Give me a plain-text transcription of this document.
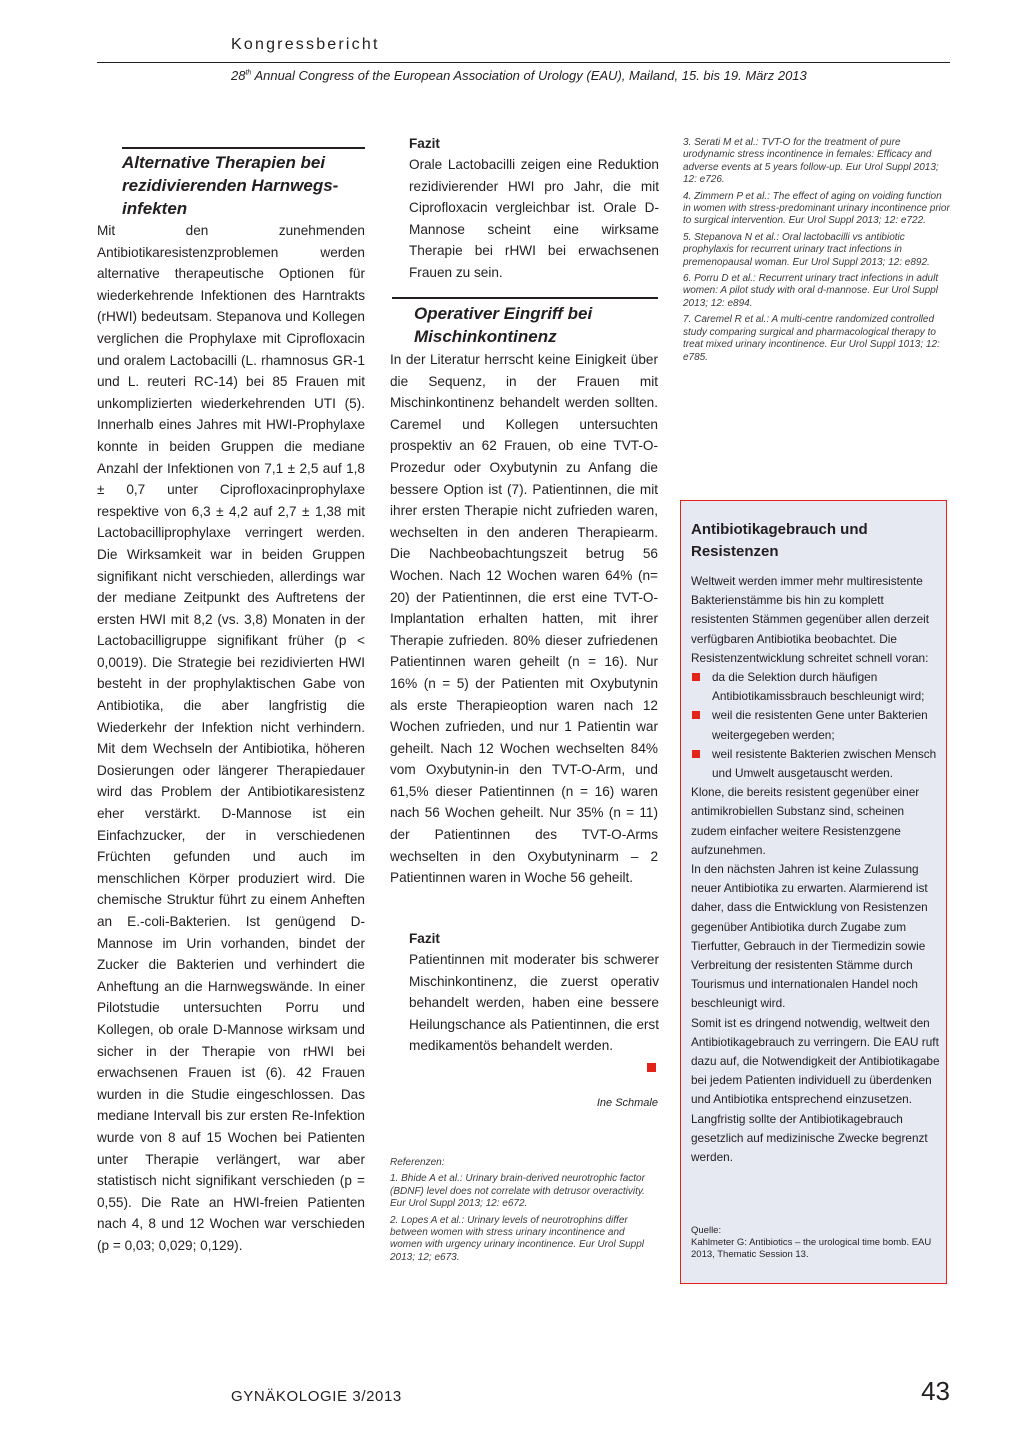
Kongressbericht
28th Annual Congress of the European Association of Urology (EAU), Mailand, 15. bis 19. März 2013
Alternative Therapien bei rezidivierenden Harnwegs- infekten

Mit den zunehmenden Antibiotikaresistenzproblemen werden alternative therapeutische Optionen für wiederkehrende Infektionen des Harntrakts (rHWI) bedeutsam. Stepanova und Kollegen verglichen die Prophylaxe mit Ciprofloxacin und oralem Lactobacilli (L. rhamnosus GR-1 und L. reuteri RC-14) bei 85 Frauen mit unkomplizierten wiederkehrenden UTI (5). Innerhalb eines Jahres mit HWI-Prophylaxe konnte in beiden Gruppen die mediane Anzahl der Infektionen von 7,1 ± 2,5 auf 1,8 ± 0,7 unter Ciprofloxacinprophylaxe respektive von 6,3 ± 4,2 auf 2,7 ± 1,38 mit Lactobacilliprophylaxe verringert werden. Die Wirksamkeit war in beiden Gruppen signifikant nicht verschieden, allerdings war der mediane Zeitpunkt des Auftretens der ersten HWI mit 8,2 (vs. 3,8) Monaten in der Lactobacilligruppe signifikant früher (p < 0,0019). Die Strategie bei rezidivierten HWI besteht in der prophylaktischen Gabe von Antibiotika, die aber langfristig die Wiederkehr der Infektion nicht verhindern. Mit dem Wechseln der Antibiotika, höheren Dosierungen oder längerer Therapiedauer wird das Problem der Antibiotikaresistenz eher verstärkt. D-Mannose ist ein Einfachzucker, der in verschiedenen Früchten gefunden und auch im menschlichen Körper produziert wird. Die chemische Struktur führt zu einem Anheften an E.-coli-Bakterien. Ist genügend D-Mannose im Urin vorhanden, bindet der Zucker die Bakterien und verhindert die Anheftung an die Harnwegswände. In einer Pilotstudie untersuchten Porru und Kollegen, ob orale D-Mannose wirksam und sicher in der Therapie von rHWI bei erwachsenen Frauen ist (6). 42 Frauen wurden in die Studie eingeschlossen. Das mediane Intervall bis zur ersten Re-Infektion wurde von 8 auf 15 Wochen bei Patienten unter Therapie verlängert, war aber statistisch nicht signifikant verschieden (p = 0,55). Die Rate an HWI-freien Patienten nach 4, 8 und 12 Wochen war verschieden (p = 0,03; 0,029; 0,129).

Fazit
Orale Lactobacilli zeigen eine Reduktion rezidivierender HWI pro Jahr, die mit Ciprofloxacin vergleichbar ist. Orale D-Mannose scheint eine wirksame Therapie bei rHWI bei erwachsenen Frauen zu sein.
Operativer Eingriff bei Mischinkontinenz

In der Literatur herrscht keine Einigkeit über die Sequenz, in der Frauen mit Mischinkontinenz behandelt werden sollten. Caremel und Kollegen untersuchten prospektiv an 62 Frauen, ob eine TVT-O-Prozedur oder Oxybutynin zu Anfang die bessere Option ist (7). Patientinnen, die mit ihrer ersten Therapie nicht zufrieden waren, wechselten in den anderen Therapiearm. Die Nachbeobachtungszeit betrug 56 Wochen. Nach 12 Wochen waren 64% (n= 20) der Patientinnen, die erst eine TVT-O-Implantation erhalten hatten, mit ihrer Therapie zufrieden. 80% dieser zufriedenen Patientinnen waren geheilt (n = 16). Nur 16% (n = 5) der Patienten mit Oxybutynin als erste Therapieoption waren nach 12 Wochen zufrieden, und nur 1 Patientin war geheilt. Nach 12 Wochen wechselten 84% vom Oxybutynin-in den TVT-O-Arm, und 61,5% dieser Patientinnen (n = 16) waren nach 56 Wochen geheilt. Nur 35% (n = 11) der Patientinnen des TVT-O-Arms wechselten in den Oxybutyninarm – 2 Patientinnen waren in Woche 56 geheilt.

Fazit
Patientinnen mit moderater bis schwerer Mischinkontinenz, die zuerst operativ behandelt werden, haben eine bessere Heilungschance als Patientinnen, die erst medikamentös behandelt werden.
Ine Schmale
Referenzen:
1. Bhide A et al.: Urinary brain-derived neurotrophic factor (BDNF) level does not correlate with detrusor overactivity. Eur Urol Suppl 2013; 12: e672.
2. Lopes A et al.: Urinary levels of neurotrophins differ between women with stress urinary incontinence and women with urgency urinary incontinence. Eur Urol Suppl 2013; 12; e673.
3. Serati M et al.: TVT-O for the treatment of pure urodynamic stress incontinence in females: Efficacy and adverse events at 5 years follow-up. Eur Urol Suppl 2013; 12: e726.
4. Zimmern P et al.: The effect of aging on voiding function in women with stress-predominant urinary incontinence prior to surgical intervention. Eur Urol Suppl 2013; 12: e722.
5. Stepanova N et al.: Oral lactobacilli vs antibiotic prophylaxis for recurrent urinary tract infections in premenopausal woman. Eur Urol Suppl 2013; 12: e892.
6. Porru D et al.: Recurrent urinary tract infections in adult women: A pilot study with oral d-mannose. Eur Urol Suppl 2013; 12: e894.
7. Caremel R et al.: A multi-centre randomized controlled study comparing surgical and pharmacological therapy to treat mixed urinary incontinence. Eur Urol Suppl 1013; 12: e785.
Antibiotikagebrauch und Resistenzen

Weltweit werden immer mehr multiresistente Bakterienstämme bis hin zu komplett resistenten Stämmen gegenüber allen derzeit verfügbaren Antibiotika beobachtet. Die Resistenzentwicklung schreitet schnell voran:

da die Selektion durch häufigen Antibiotikamissbrauch beschleunigt wird;
weil die resistenten Gene unter Bakterien weitergegeben werden;
weil resistente Bakterien zwischen Mensch und Umwelt ausgetauscht werden.

Klone, die bereits resistent gegenüber einer antimikrobiellen Substanz sind, scheinen zudem einfacher weitere Resistenzgene aufzunehmen.

In den nächsten Jahren ist keine Zulassung neuer Antibiotika zu erwarten. Alarmierend ist daher, dass die Entwicklung von Resistenzen gegenüber Antibiotika durch Zugabe zum Tierfutter, Gebrauch in der Tiermedizin sowie Verbreitung der resistenten Stämme durch Tourismus und internationalen Handel noch beschleunigt wird.

Somit ist es dringend notwendig, weltweit den Antibiotikagebrauch zu verringern. Die EAU ruft dazu auf, die Notwendigkeit der Antibiotikagabe bei jedem Patienten individuell zu überdenken und Antibiotika entsprechend einzusetzen. Langfristig sollte der Antibiotikagebrauch gesetzlich auf medizinische Zwecke begrenzt werden.

Quelle:
Kahlmeter G: Antibiotics – the urological time bomb. EAU 2013, Thematic Session 13.
GYNÄKOLOGIE 3/2013	43
